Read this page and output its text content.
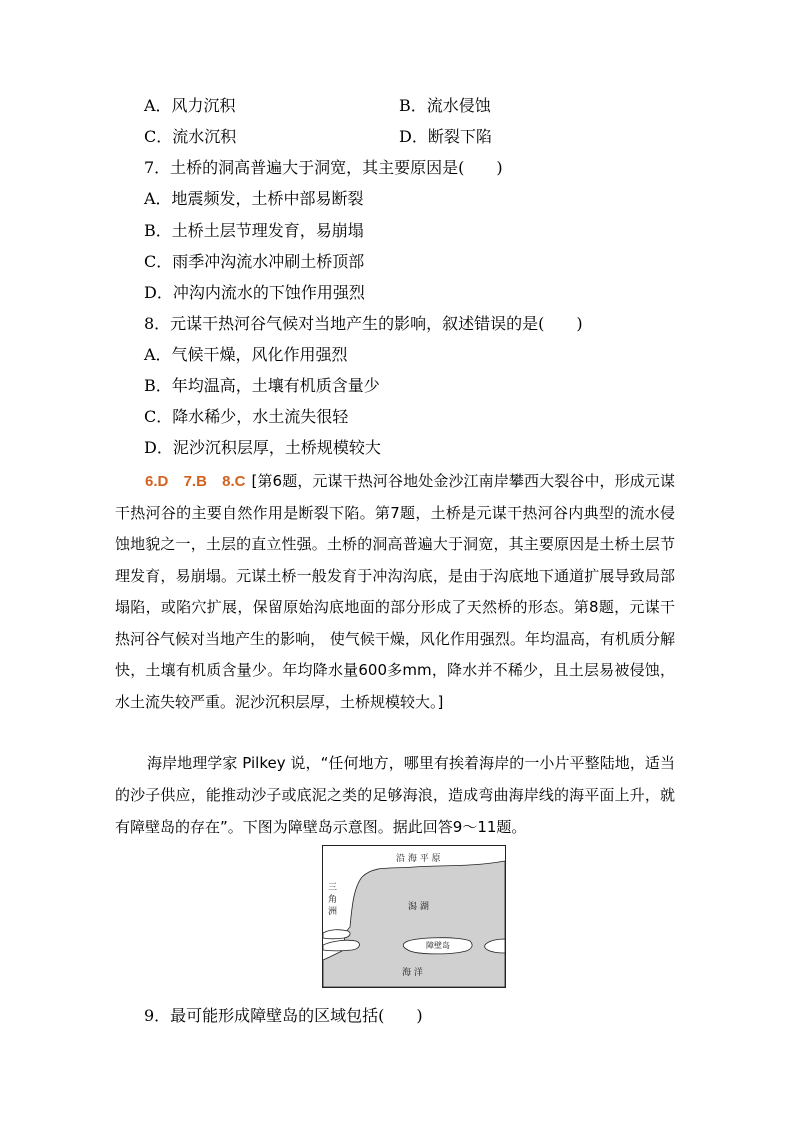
A．风力沉积	B．流水侵蚀
C．流水沉积	D．断裂下陷
7．土桥的洞高普遍大于洞宽，其主要原因是(　　)
A．地震频发，土桥中部易断裂
B．土桥土层节理发育，易崩塌
C．雨季冲沟流水冲刷土桥顶部
D．冲沟内流水的下蚀作用强烈
8．元谋干热河谷气候对当地产生的影响，叙述错误的是(　　)
A．气候干燥，风化作用强烈
B．年均温高，土壤有机质含量少
C．降水稀少，水土流失很轻
D．泥沙沉积层厚，土桥规模较大
6.D　7.B　8.C [第6题，元谋干热河谷地处金沙江南岸攀西大裂谷中，形成元谋干热河谷的主要自然作用是断裂下陷。第7题，土桥是元谋干热河谷内典型的流水侵蚀地貌之一，土层的直立性强。土桥的洞高普遍大于洞宽，其主要原因是土桥土层节理发育，易崩塌。元谋土桥一般发育于冲沟沟底，是由于沟底地下通道扩展导致局部塌陷，或陷穴扩展，保留原始沟底地面的部分形成了天然桥的形态。第8题，元谋干热河谷气候对当地产生的影响， 使气候干燥，风化作用强烈。年均温高，有机质分解快，土壤有机质含量少。年均降水量600多mm，降水并不稀少，且土层易被侵蚀，水土流失较严重。泥沙沉积层厚，土桥规模较大。]
海岸地理学家 Pilkey 说，“任何地方，哪里有挨着海岸的一小片平整陆地，适当的沙子供应，能推动沙子或底泥之类的足够海浪，造成弯曲海岸线的海平面上升，就有障壁岛的存在”。下图为障壁岛示意图。据此回答9～11题。
沿 海 平 原
三
角
洲	潟 湖
障壁岛
海 洋
9．最可能形成障壁岛的区域包括(　　)
